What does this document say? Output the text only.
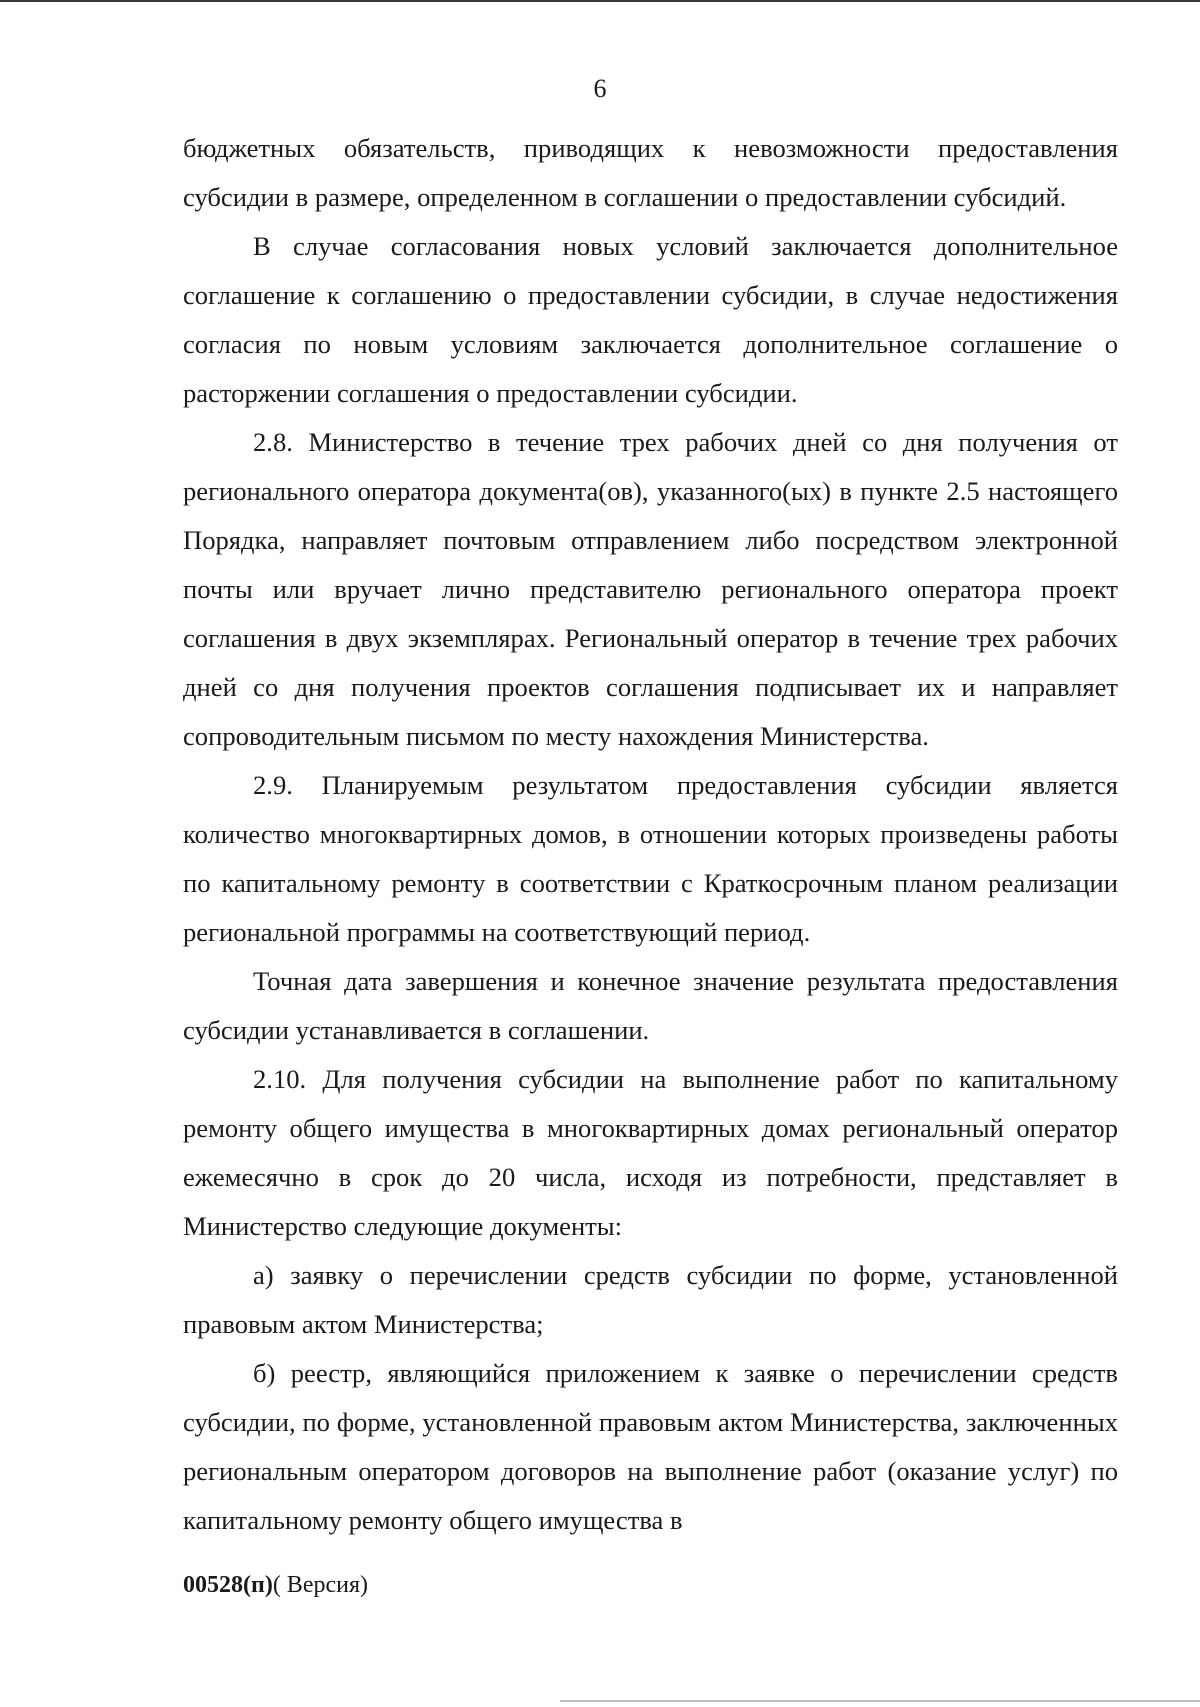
6

бюджетных обязательств, приводящих к невозможности предоставления субсидии в размере, определенном в соглашении о предоставлении субсидий.

В случае согласования новых условий заключается дополнительное соглашение к соглашению о предоставлении субсидии, в случае недостижения согласия по новым условиям заключается дополнительное соглашение о расторжении соглашения о предоставлении субсидии.

2.8. Министерство в течение трех рабочих дней со дня получения от регионального оператора документа(ов), указанного(ых) в пункте 2.5 настоящего Порядка, направляет почтовым отправлением либо посредством электронной почты или вручает лично представителю регионального оператора проект соглашения в двух экземплярах. Региональный оператор в течение трех рабочих дней со дня получения проектов соглашения подписывает их и направляет сопроводительным письмом по месту нахождения Министерства.

2.9. Планируемым результатом предоставления субсидии является количество многоквартирных домов, в отношении которых произведены работы по капитальному ремонту в соответствии с Краткосрочным планом реализации региональной программы на соответствующий период.

Точная дата завершения и конечное значение результата предоставления субсидии устанавливается в соглашении.

2.10. Для получения субсидии на выполнение работ по капитальному ремонту общего имущества в многоквартирных домах региональный оператор ежемесячно в срок до 20 числа, исходя из потребности, представляет в Министерство следующие документы:

а) заявку о перечислении средств субсидии по форме, установленной правовым актом Министерства;

б) реестр, являющийся приложением к заявке о перечислении средств субсидии, по форме, установленной правовым актом Министерства, заключенных региональным оператором договоров на выполнение работ (оказание услуг) по капитальному ремонту общего имущества в

00528(п)( Версия)
